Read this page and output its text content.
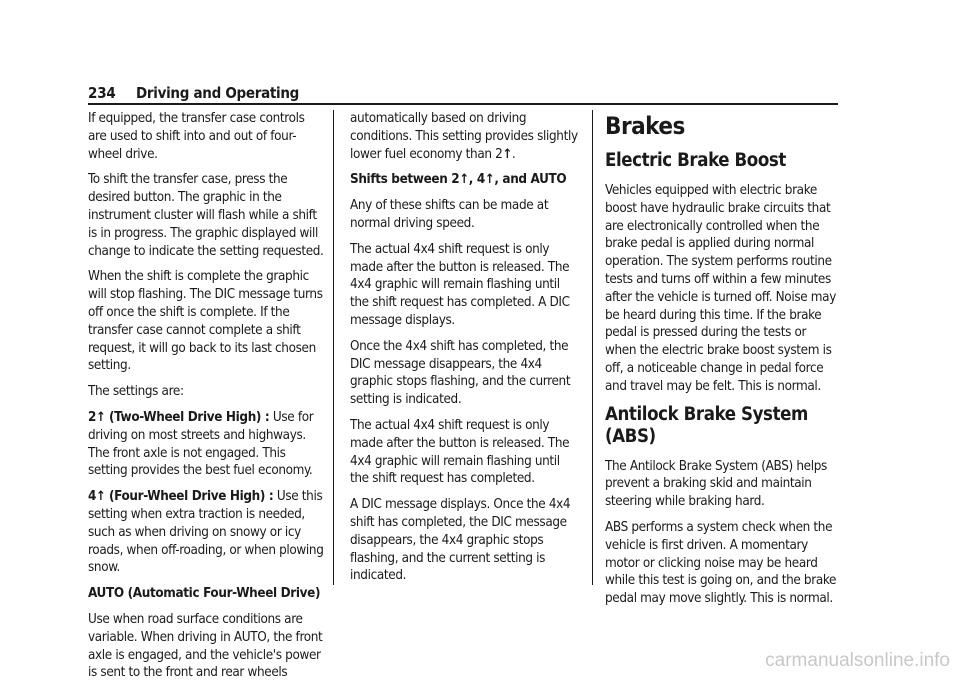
234 Driving and Operating

If equipped, the transfer case controls are used to shift into and out of four-wheel drive.

To shift the transfer case, press the desired button. The graphic in the instrument cluster will flash while a shift is in progress. The graphic displayed will change to indicate the setting requested.

When the shift is complete the graphic will stop flashing. The DIC message turns off once the shift is complete. If the transfer case cannot complete a shift request, it will go back to its last chosen setting.

The settings are:

2↑ (Two-Wheel Drive High) : Use for driving on most streets and highways. The front axle is not engaged. This setting provides the best fuel economy.

4↑ (Four-Wheel Drive High) : Use this setting when extra traction is needed, such as when driving on snowy or icy roads, when off-roading, or when plowing snow.

AUTO (Automatic Four-Wheel Drive)

Use when road surface conditions are variable. When driving in AUTO, the front axle is engaged, and the vehicle's power is sent to the front and rear wheels

automatically based on driving conditions. This setting provides slightly lower fuel economy than 2↑.

Shifts between 2↑, 4↑, and AUTO

Any of these shifts can be made at normal driving speed.

The actual 4x4 shift request is only made after the button is released. The 4x4 graphic will remain flashing until the shift request has completed. A DIC message displays.

Once the 4x4 shift has completed, the DIC message disappears, the 4x4 graphic stops flashing, and the current setting is indicated.

The actual 4x4 shift request is only made after the button is released. The 4x4 graphic will remain flashing until the shift request has completed.

A DIC message displays. Once the 4x4 shift has completed, the DIC message disappears, the 4x4 graphic stops flashing, and the current setting is indicated.

Brakes
Electric Brake Boost

Vehicles equipped with electric brake boost have hydraulic brake circuits that are electronically controlled when the brake pedal is applied during normal operation. The system performs routine tests and turns off within a few minutes after the vehicle is turned off. Noise may be heard during this time. If the brake pedal is pressed during the tests or when the electric brake boost system is off, a noticeable change in pedal force and travel may be felt. This is normal.

Antilock Brake System (ABS)

The Antilock Brake System (ABS) helps prevent a braking skid and maintain steering while braking hard.

ABS performs a system check when the vehicle is first driven. A momentary motor or clicking noise may be heard while this test is going on, and the brake pedal may move slightly. This is normal.

carmanualsonline.info
